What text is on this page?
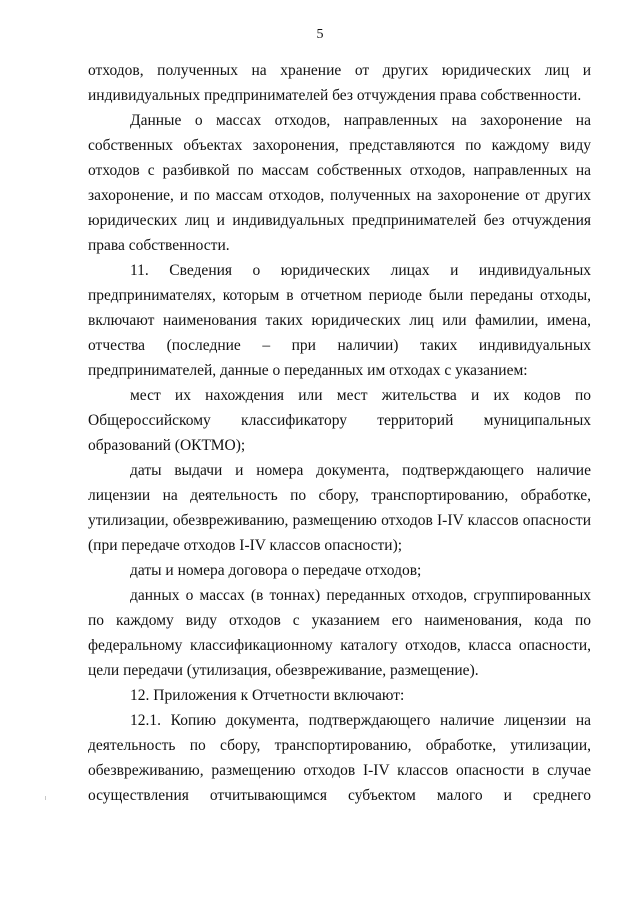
5

отходов, полученных на хранение от других юридических лиц и индивидуальных предпринимателей без отчуждения права собственности.

Данные о массах отходов, направленных на захоронение на собственных объектах захоронения, представляются по каждому виду отходов с разбивкой по массам собственных отходов, направленных на захоронение, и по массам отходов, полученных на захоронение от других юридических лиц и индивидуальных предпринимателей без отчуждения права собственности.

11. Сведения о юридических лицах и индивидуальных предпринимателях, которым в отчетном периоде были переданы отходы, включают наименования таких юридических лиц или фамилии, имена, отчества (последние – при наличии) таких индивидуальных предпринимателей, данные о переданных им отходах с указанием:

мест их нахождения или мест жительства и их кодов по Общероссийскому классификатору территорий муниципальных образований (ОКТМО);

даты выдачи и номера документа, подтверждающего наличие лицензии на деятельность по сбору, транспортированию, обработке, утилизации, обезвреживанию, размещению отходов I-IV классов опасности (при передаче отходов I-IV классов опасности);

даты и номера договора о передаче отходов;

данных о массах (в тоннах) переданных отходов, сгруппированных по каждому виду отходов с указанием его наименования, кода по федеральному классификационному каталогу отходов, класса опасности, цели передачи (утилизация, обезвреживание, размещение).

12. Приложения к Отчетности включают:

12.1. Копию документа, подтверждающего наличие лицензии на деятельность по сбору, транспортированию, обработке, утилизации, обезвреживанию, размещению отходов I-IV классов опасности в случае осуществления отчитывающимся субъектом малого и среднего
